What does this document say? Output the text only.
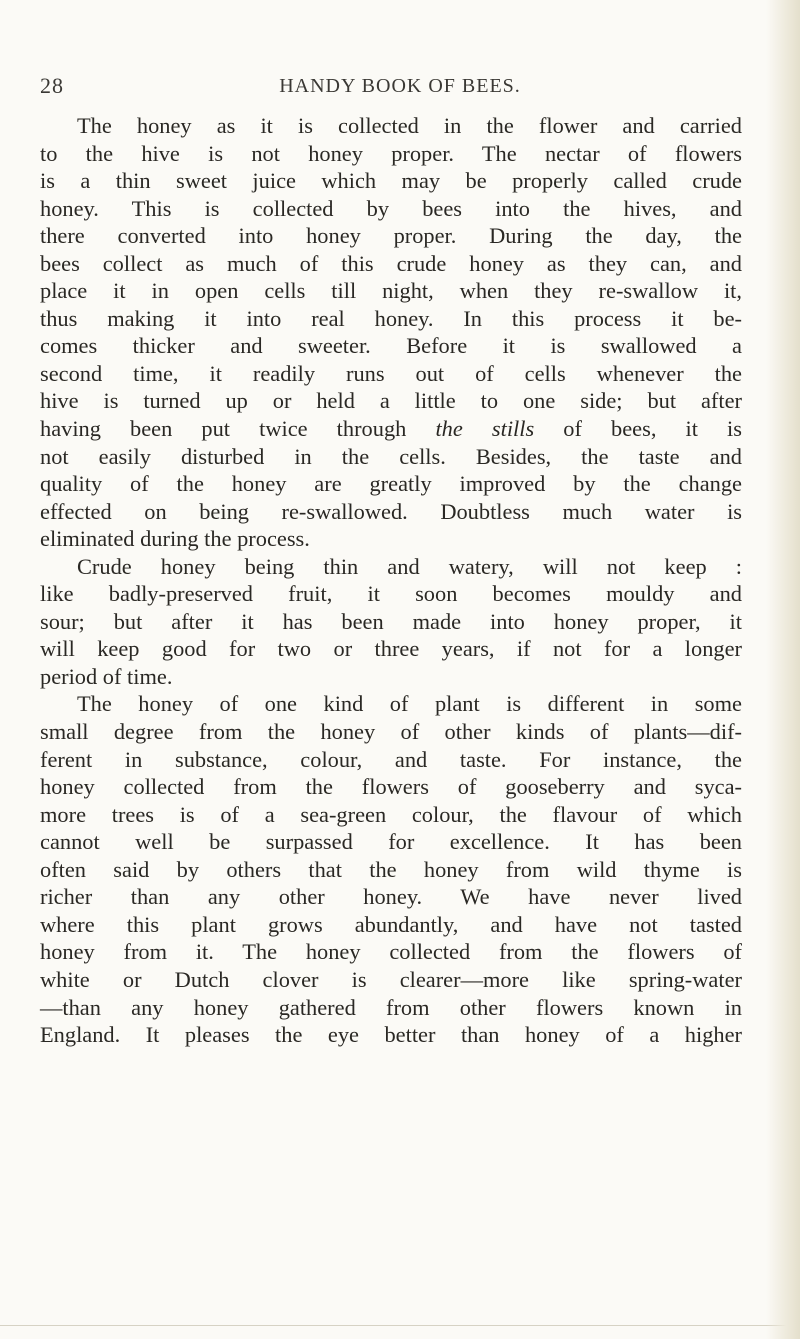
28	HANDY BOOK OF BEES.
The honey as it is collected in the flower and carried
to the hive is not honey proper. The nectar of flowers
is a thin sweet juice which may be properly called crude
honey. This is collected by bees into the hives, and
there converted into honey proper. During the day, the
bees collect as much of this crude honey as they can, and
place it in open cells till night, when they re-swallow it,
thus making it into real honey. In this process it be-
comes thicker and sweeter. Before it is swallowed a
second time, it readily runs out of cells whenever the
hive is turned up or held a little to one side; but after
having been put twice through the stills of bees, it is
not easily disturbed in the cells. Besides, the taste and
quality of the honey are greatly improved by the change
effected on being re-swallowed. Doubtless much water is
eliminated during the process.
Crude honey being thin and watery, will not keep :
like badly-preserved fruit, it soon becomes mouldy and
sour; but after it has been made into honey proper, it
will keep good for two or three years, if not for a longer
period of time.
The honey of one kind of plant is different in some
small degree from the honey of other kinds of plants—dif-
ferent in substance, colour, and taste. For instance, the
honey collected from the flowers of gooseberry and syca-
more trees is of a sea-green colour, the flavour of which
cannot well be surpassed for excellence. It has been
often said by others that the honey from wild thyme is
richer than any other honey. We have never lived
where this plant grows abundantly, and have not tasted
honey from it. The honey collected from the flowers of
white or Dutch clover is clearer—more like spring-water
—than any honey gathered from other flowers known in
England. It pleases the eye better than honey of a higher
